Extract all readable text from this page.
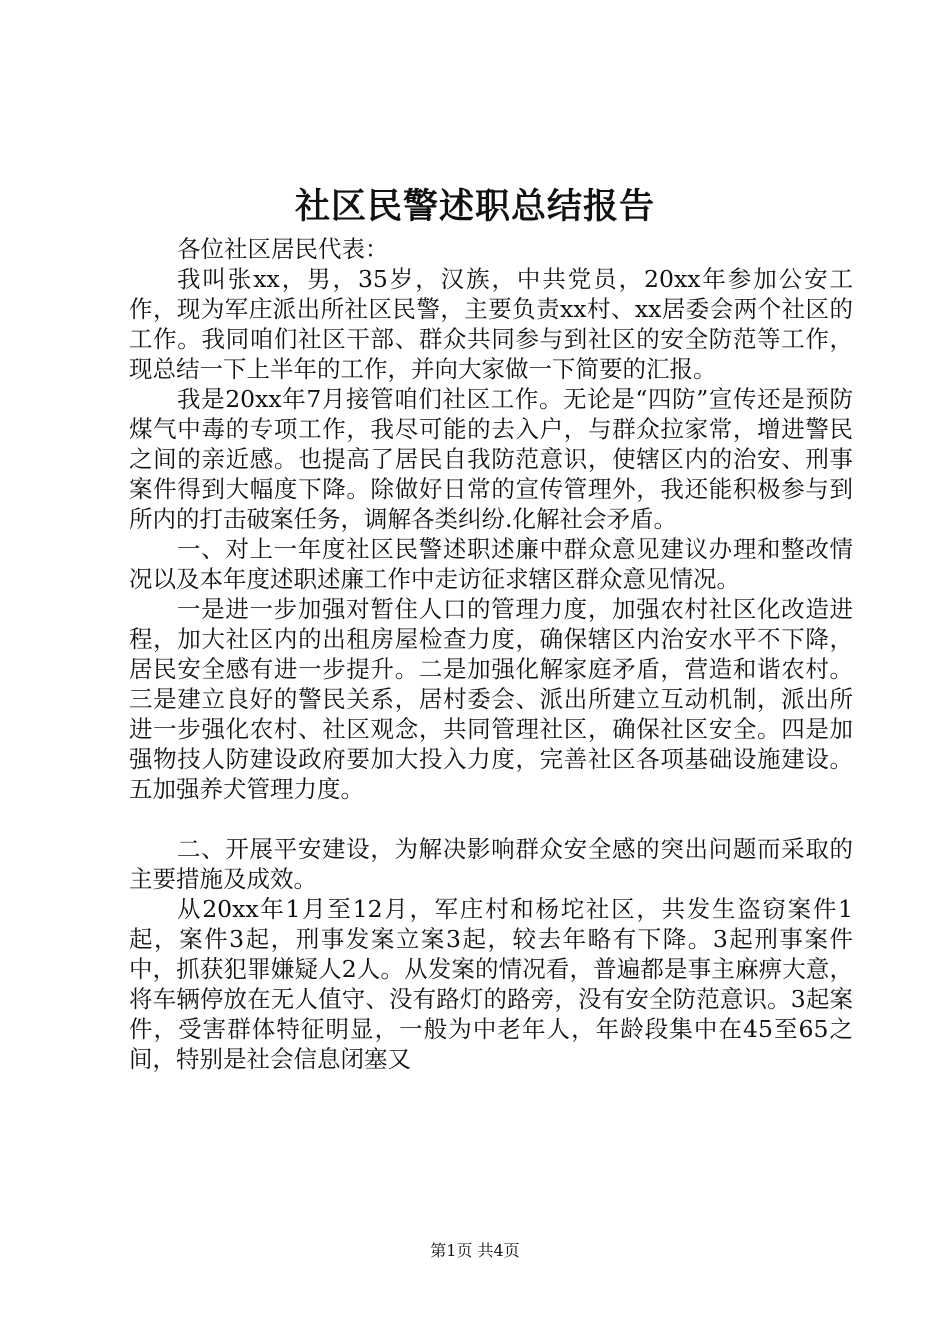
社区民警述职总结报告

各位社区居民代表：

我叫张xx，男，35岁，汉族，中共党员，20xx年参加公安工作，现为军庄派出所社区民警，主要负责xx村、xx居委会两个社区的工作。我同咱们社区干部、群众共同参与到社区的安全防范等工作，现总结一下上半年的工作，并向大家做一下简要的汇报。

我是20xx年7月接管咱们社区工作。无论是“四防”宣传还是预防煤气中毒的专项工作，我尽可能的去入户，与群众拉家常，增进警民之间的亲近感。也提高了居民自我防范意识，使辖区内的治安、刑事案件得到大幅度下降。除做好日常的宣传管理外，我还能积极参与到所内的打击破案任务，调解各类纠纷.化解社会矛盾。

一、对上一年度社区民警述职述廉中群众意见建议办理和整改情况以及本年度述职述廉工作中走访征求辖区群众意见情况。

一是进一步加强对暂住人口的管理力度，加强农村社区化改造进程，加大社区内的出租房屋检查力度，确保辖区内治安水平不下降，居民安全感有进一步提升。二是加强化解家庭矛盾，营造和谐农村。三是建立良好的警民关系，居村委会、派出所建立互动机制，派出所进一步强化农村、社区观念，共同管理社区，确保社区安全。四是加强物技人防建设政府要加大投入力度，完善社区各项基础设施建设。五加强养犬管理力度。

二、开展平安建设，为解决影响群众安全感的突出问题而采取的主要措施及成效。

从20xx年1月至12月，军庄村和杨坨社区，共发生盗窃案件1起，案件3起，刑事发案立案3起，较去年略有下降。3起刑事案件中，抓获犯罪嫌疑人2人。从发案的情况看，普遍都是事主麻痹大意，将车辆停放在无人值守、没有路灯的路旁，没有安全防范意识。3起案件，受害群体特征明显，一般为中老年人，年龄段集中在45至65之间，特别是社会信息闭塞又

第1页 共4页
